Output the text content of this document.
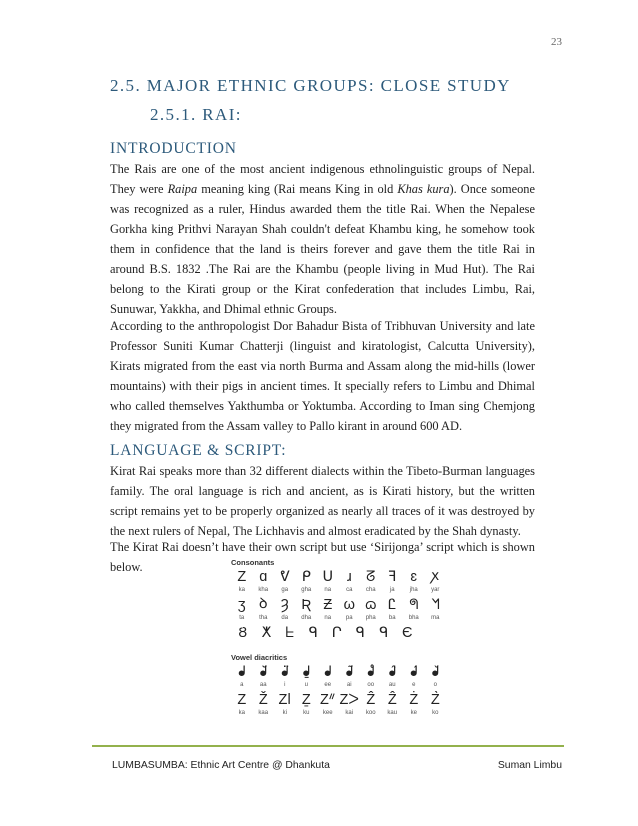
23
2.5. MAJOR ETHNIC GROUPS: CLOSE STUDY
2.5.1. RAI:
INTRODUCTION

The Rais are one of the most ancient indigenous ethnolinguistic groups of Nepal. They were Raipa meaning king (Rai means King in old Khas kura). Once someone was recognized as a ruler, Hindus awarded them the title Rai. When the Nepalese Gorkha king Prithvi Narayan Shah couldn't defeat Khambu king, he somehow took them in confidence that the land is theirs forever and gave them the title Rai in around B.S. 1832 .The Rai are the Khambu (people living in Mud Hut). The Rai belong to the Kirati group or the Kirat confederation that includes Limbu, Rai, Sunuwar, Yakkha, and Dhimal ethnic Groups.

According to the anthropologist Dor Bahadur Bista of Tribhuvan University and late Professor Suniti Kumar Chatterji (linguist and kiratologist, Calcutta University), Kirats migrated from the east via north Burma and Assam along the mid-hills (lower mountains) with their pigs in ancient times. It specially refers to Limbu and Dhimal who called themselves Yakthumba or Yoktumba. According to Iman sing Chemjong they migrated from the Assam valley to Pallo kirant in around 600 AD.

LANGUAGE & SCRIPT:

Kirat Rai speaks more than 32 different dialects within the Tibeto-Burman languages family. The oral language is rich and ancient, as is Kirati history, but the written script remains yet to be properly organized as nearly all traces of it was destroyed by the next rulers of Nepal, The Lichhavis and almost eradicated by the Shah dynasty.

The Kirat Rai doesn’t have their own script but use ‘Sirijonga’ script which is shown below.	Consonants
Z ɑ ᕓ ᑭ ᑌ ɹ ᘔ ꟻ ɛ ꭗ
ka	kha	ga	gha	na	ca	cha	ja	jha	yar
ʒ ꝺ Ȝ Ʀ Ƶ ω ɷ Ꮭ ᖗ ᖿ
ta	tha	da	dha	na	pa	pha	ba	bha	ma
Ȣ ⵅ ᖶ	ᑫ Ր ᑫ ᑫ Є
Vowel diacritics
ᖱ ᖱ̆ ᖱ̈ ᖱ̱ ᖱ̵ ᖱ̃ ᖱ̊ ᖱ̂ ᖱ́ ᖱ̌
a	aa	i	u	ee	ai	oo	au	e	o
Z Ž Zǀ Ẕ Zᐥ Zᐳ Ẑ Ẑ Ż Z̀
ka	kaa	ki	ku	kee	kai	koo	kau	ke	ko
LUMBASUMBA: Ethnic Art Centre @ Dhankuta	Suman Limbu
